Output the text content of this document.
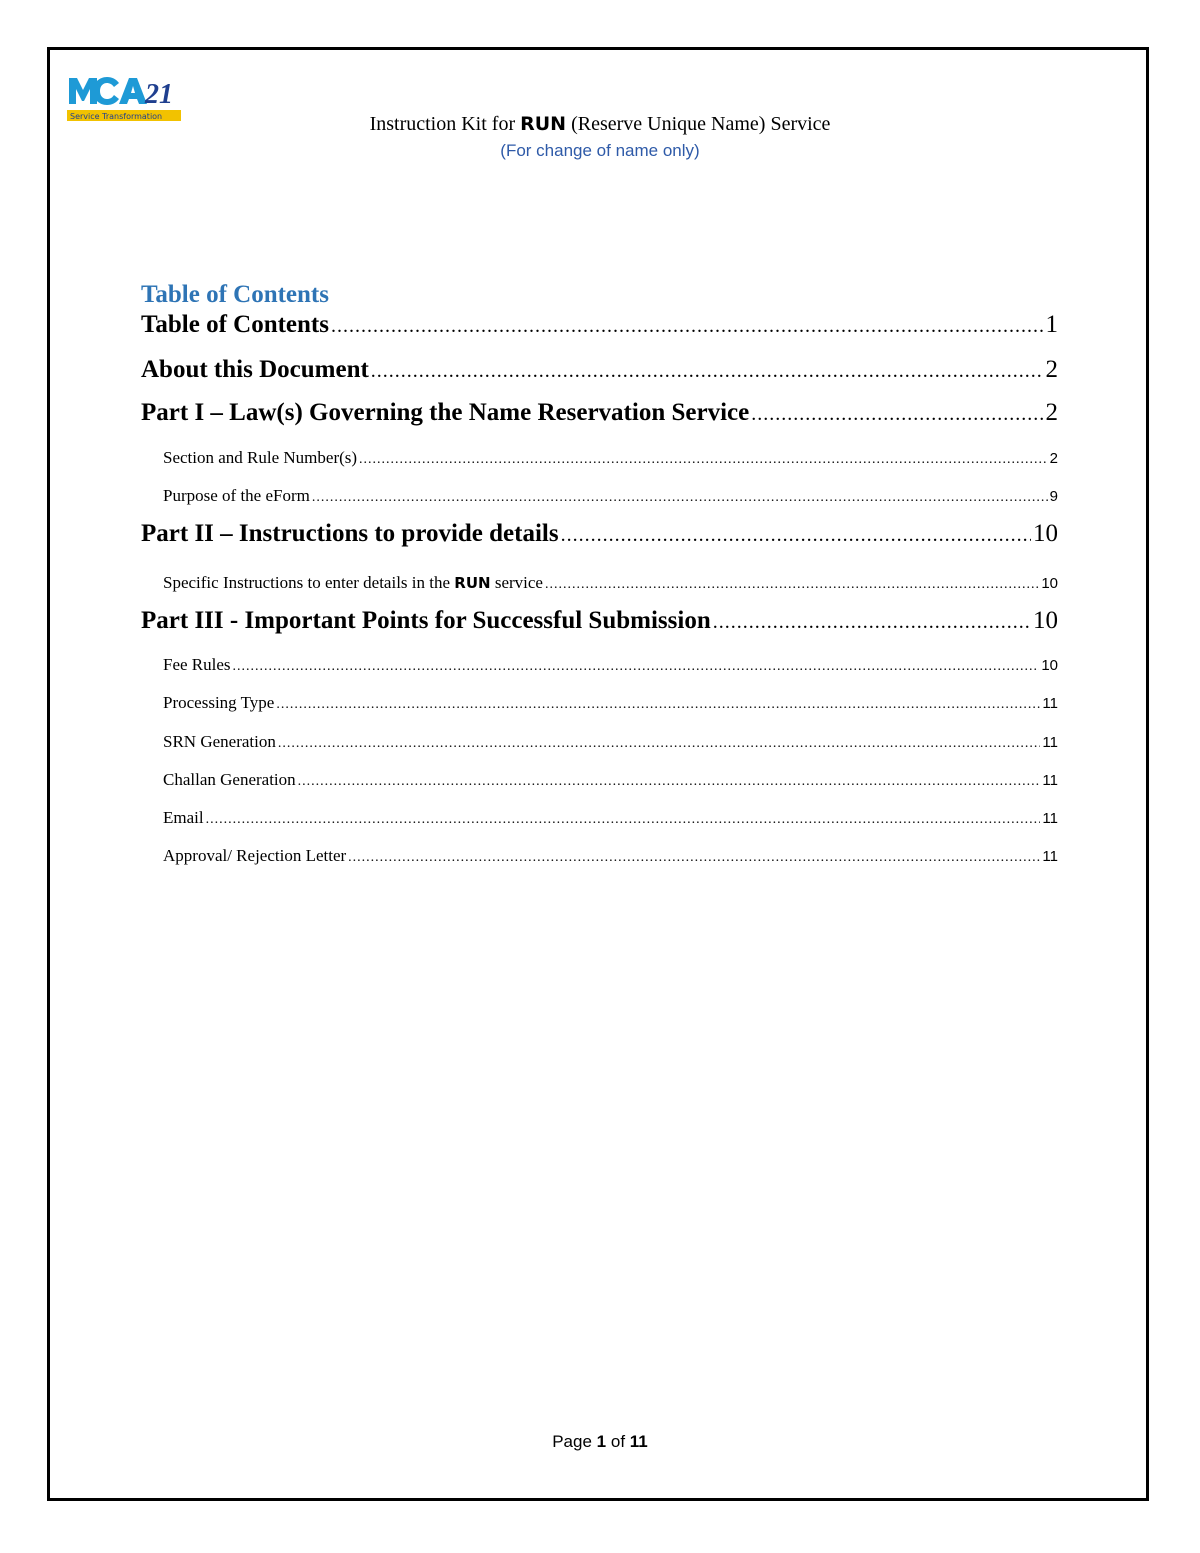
21
Service Transformation	Instruction Kit for RUN (Reserve Unique Name) Service
(For change of name only)
Table of Contents
Table of Contents .....	1
About this Document .....	2
Part I – Law(s) Governing the Name Reservation Service .....	2
Section and Rule Number(s) .....	2
Purpose of the eForm .....	9
Part II – Instructions to provide details .....	10
Specific Instructions to enter details in the RUN service .....	10
Part III - Important Points for Successful Submission .....	10
Fee Rules .....	10
Processing Type .....	11
SRN Generation .....	11
Challan Generation .....	11
Email .....	11
Approval/ Rejection Letter .....	11
Page 1 of 11
